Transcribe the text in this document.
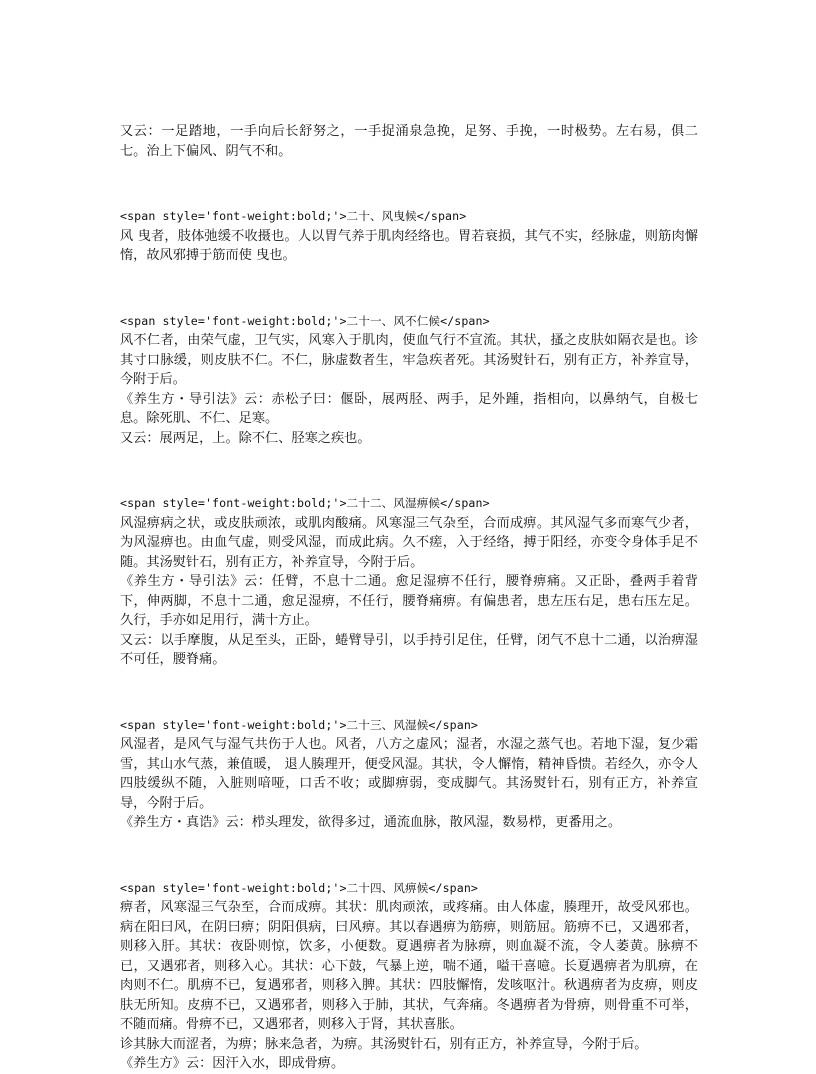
又云：一足踏地，一手向后长舒努之，一手捉涌泉急挽，足努、手挽，一时极势。左右易，俱二七。治上下偏风、阴气不和。

<span style='font-weight:bold;'>二十、风曳候</span>

风 曳者，肢体弛缓不收摄也。人以胃气养于肌肉经络也。胃若衰损，其气不实，经脉虚，则筋肉懈惰，故风邪搏于筋而使 曳也。

<span style='font-weight:bold;'>二十一、风不仁候</span>

风不仁者，由荣气虚，卫气实，风寒入于肌肉，使血气行不宣流。其状，搔之皮肤如隔衣是也。诊其寸口脉缓，则皮肤不仁。不仁，脉虚数者生，牢急疾者死。其汤熨针石，别有正方，补养宣导，今附于后。

《养生方・导引法》云：赤松子曰：偃卧，展两胫、两手，足外踵，指相向，以鼻纳气，自极七息。除死肌、不仁、足寒。

又云：展两足，上。除不仁、胫寒之疾也。

<span style='font-weight:bold;'>二十二、风湿痹候</span>

风湿痹病之状，或皮肤顽浓，或肌肉酸痛。风寒湿三气杂至，合而成痹。其风湿气多而寒气少者，为风湿痹也。由血气虚，则受风湿，而成此病。久不瘥，入于经络，搏于阳经，亦变令身体手足不随。其汤熨针石，别有正方，补养宣导，今附于后。

《养生方・导引法》云：任臂，不息十二通。愈足湿痹不任行，腰脊痹痛。又正卧，叠两手着背下，伸两脚，不息十二通，愈足湿痹，不任行，腰脊痛痹。有偏患者，患左压右足，患右压左足。久行，手亦如足用行，满十方止。

又云：以手摩腹，从足至头，正卧，蜷臂导引，以手持引足住，任臂，闭气不息十二通，以治痹湿不可任，腰脊痛。

<span style='font-weight:bold;'>二十三、风湿候</span>

风湿者，是风气与湿气共伤于人也。风者，八方之虚风；湿者，水湿之蒸气也。若地下湿，复少霜雪，其山水气蒸，兼值暖， 退人腠理开，便受风湿。其状，令人懈惰，精神昏愦。若经久，亦令人四肢缓纵不随，入脏则喑哑，口舌不收；或脚痹弱，变成脚气。其汤熨针石，别有正方，补养宣导，今附于后。

《养生方・真诰》云：栉头理发，欲得多过，通流血脉，散风湿，数易栉，更番用之。

<span style='font-weight:bold;'>二十四、风痹候</span>

痹者，风寒湿三气杂至，合而成痹。其状：肌肉顽浓，或疼痛。由人体虚，腠理开，故受风邪也。病在阳曰风，在阴曰痹；阴阳俱病，曰风痹。其以春遇痹为筋痹，则筋屈。筋痹不已，又遇邪者，则移入肝。其状：夜卧则惊，饮多，小便数。夏遇痹者为脉痹，则血凝不流，令人萎黄。脉痹不已，又遇邪者，则移入心。其状：心下鼓，气暴上逆，喘不通，嗌干喜噫。长夏遇痹者为肌痹，在肉则不仁。肌痹不已，复遇邪者，则移入脾。其状：四肢懈惰，发咳呕汁。秋遇痹者为皮痹，则皮肤无所知。皮痹不已，又遇邪者，则移入于肺，其状，气奔痛。冬遇痹者为骨痹，则骨重不可举，不随而痛。骨痹不已，又遇邪者，则移入于肾，其状喜胀。

诊其脉大而涩者，为痹；脉来急者，为痹。其汤熨针石，别有正方，补养宣导，今附于后。

《养生方》云：因汗入水，即成骨痹。
